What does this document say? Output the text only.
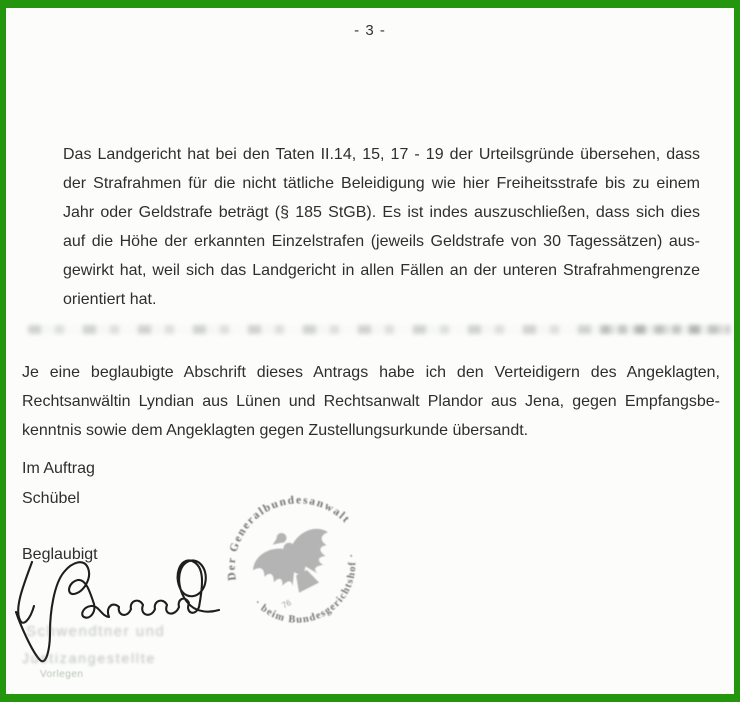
- 3 -
Das Landgericht hat bei den Taten II.14, 15, 17 - 19 der Urteilsgründe übersehen, dass
der Strafrahmen für die nicht tätliche Beleidigung wie hier Freiheitsstrafe bis zu einem
Jahr oder Geldstrafe beträgt (§ 185 StGB). Es ist indes auszuschließen, dass sich dies
auf die Höhe der erkannten Einzelstrafen (jeweils Geldstrafe von 30 Tagessätzen) aus-
gewirkt hat, weil sich das Landgericht in allen Fällen an der unteren Strafrahmengrenze
orientiert hat.
Je eine beglaubigte Abschrift dieses Antrags habe ich den Verteidigern des Angeklagten,
Rechtsanwältin Lyndian aus Lünen und Rechtsanwalt Plandor aus Jena, gegen Empfangsbe-
kenntnis sowie dem Angeklagten gegen Zustellungsurkunde übersandt.
Im Auftrag
Schübel
Beglaubigt
Der Generalbundesanwalt
· beim Bundesgerichtshof ·
76
Schwendtner und
Justizangestellte
Vorlegen
